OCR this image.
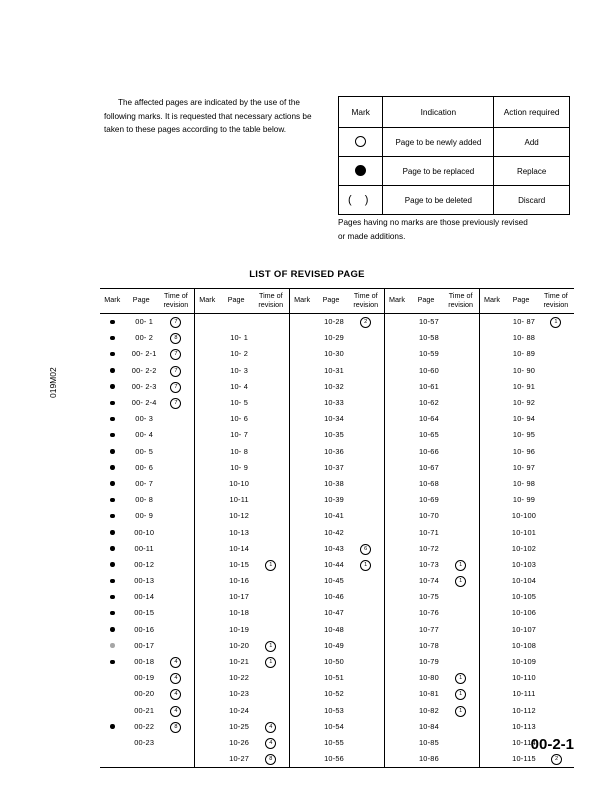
The affected pages are indicated by the use of the following marks. It is requested that necessary actions be taken to these pages according to the table below.
Mark	Indication	Action required
	Page to be newly added	Add
	Page to be replaced	Replace
( )	Page to be deleted	Discard
Pages having no marks are those previously revised
or made additions.
LIST OF REVISED PAGE
019M02
Mark	Page	Time of revision	Mark	Page	Time of revision	Mark	Page	Time of revision	Mark	Page	Time of revision	Mark	Page	Time of revision
	00- 1	7					10-28	2		10-57			10- 87	1
	00- 2	8		10- 1			10-29			10-58			10- 88	
	00- 2-1	7		10- 2			10-30			10-59			10- 89	
	00- 2-2	7		10- 3			10-31			10-60			10- 90	
	00- 2-3	7		10- 4			10-32			10-61			10- 91	
	00- 2-4	7		10- 5			10-33			10-62			10- 92	
	00- 3			10- 6			10-34			10-64			10- 94	
	00- 4			10- 7			10-35			10-65			10- 95	
	00- 5			10- 8			10-36			10-66			10- 96	
	00- 6			10- 9			10-37			10-67			10- 97	
	00- 7			10-10			10-38			10-68			10- 98	
	00- 8			10-11			10-39			10-69			10- 99	
	00- 9			10-12			10-41			10-70			10-100	
	00-10			10-13			10-42			10-71			10-101	
	00-11			10-14			10-43	6		10-72			10-102	
	00-12			10-15	1		10-44	1		10-73	1		10-103	
	00-13			10-16			10-45			10-74	1		10-104	
	00-14			10-17			10-46			10-75			10-105	
	00-15			10-18			10-47			10-76			10-106	
	00-16			10-19			10-48			10-77			10-107	
	00-17			10-20	1		10-49			10-78			10-108	
	00-18	4		10-21	1		10-50			10-79			10-109	
	00-19	4		10-22			10-51			10-80	1		10-110	
	00-20	4		10-23			10-52			10-81	1		10-111	
	00-21	4		10-24			10-53			10-82	1		10-112	
	00-22	8		10-25	4		10-54			10-84			10-113	
	00-23			10-26	4		10-55			10-85			10-114	
				10-27	8		10-56			10-86			10-115	
00-2-1
2
